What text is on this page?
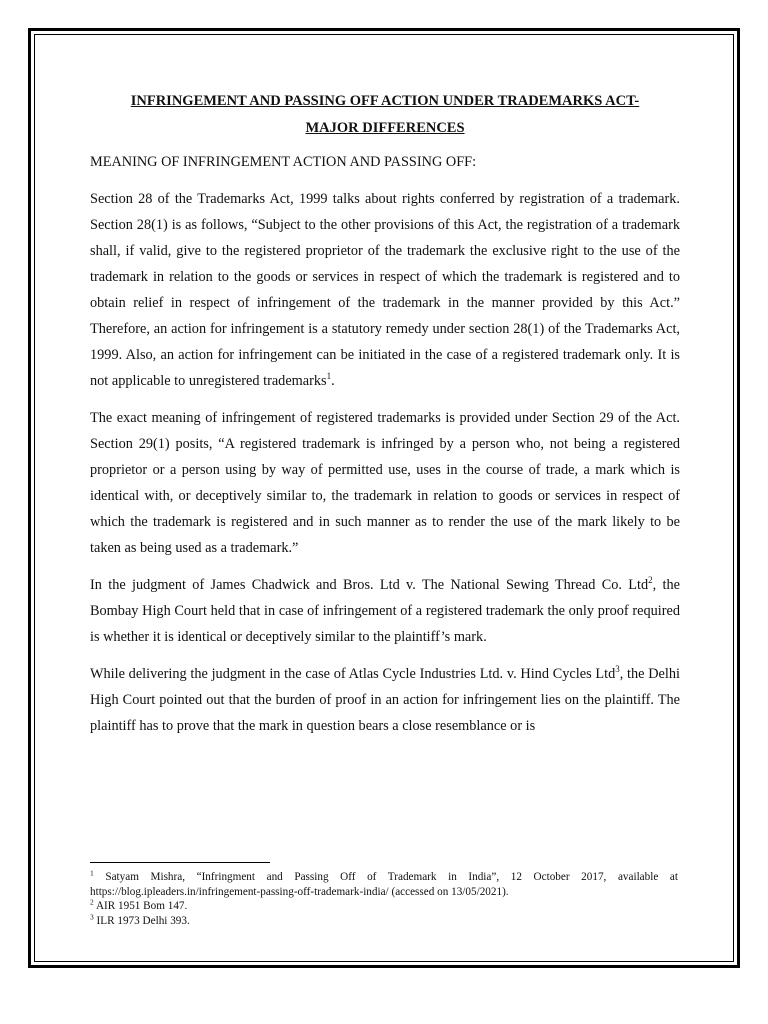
INFRINGEMENT AND PASSING OFF ACTION UNDER TRADEMARKS ACT-
MAJOR DIFFERENCES
MEANING OF INFRINGEMENT ACTION AND PASSING OFF:

Section 28 of the Trademarks Act, 1999 talks about rights conferred by registration of a trademark. Section 28(1) is as follows, “Subject to the other provisions of this Act, the registration of a trademark shall, if valid, give to the registered proprietor of the trademark the exclusive right to the use of the trademark in relation to the goods or services in respect of which the trademark is registered and to obtain relief in respect of infringement of the trademark in the manner provided by this Act.” Therefore, an action for infringement is a statutory remedy under section 28(1) of the Trademarks Act, 1999. Also, an action for infringement can be initiated in the case of a registered trademark only. It is not applicable to unregistered trademarks$^1$.

The exact meaning of infringement of registered trademarks is provided under Section 29 of the Act. Section 29(1) posits, “A registered trademark is infringed by a person who, not being a registered proprietor or a person using by way of permitted use, uses in the course of trade, a mark which is identical with, or deceptively similar to, the trademark in relation to goods or services in respect of which the trademark is registered and in such manner as to render the use of the mark likely to be taken as being used as a trademark.”

In the judgment of James Chadwick and Bros. Ltd v. The National Sewing Thread Co. Ltd$^2$, the Bombay High Court held that in case of infringement of a registered trademark the only proof required is whether it is identical or deceptively similar to the plaintiff’s mark.

While delivering the judgment in the case of Atlas Cycle Industries Ltd. v. Hind Cycles Ltd$^3$, the Delhi High Court pointed out that the burden of proof in an action for infringement lies on the plaintiff. The plaintiff has to prove that the mark in question bears a close resemblance or is

$^1$ Satyam Mishra, “Infringment and Passing Off of Trademark in India”, 12 October 2017, available at https://blog.ipleaders.in/infringement-passing-off-trademark-india/ (accessed on 13/05/2021).

$^2$ AIR 1951 Bom 147.

$^3$ ILR 1973 Delhi 393.
